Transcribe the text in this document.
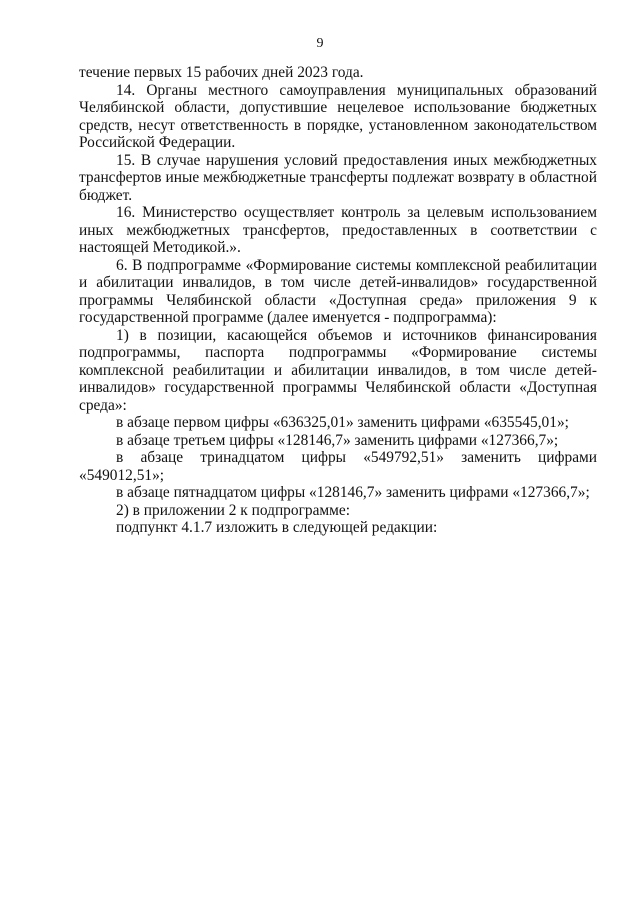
9

течение первых 15 рабочих дней 2023 года.

14. Органы местного самоуправления муниципальных образований Челябинской области, допустившие нецелевое использование бюджетных средств, несут ответственность в порядке, установленном законодательством Российской Федерации.

15. В случае нарушения условий предоставления иных межбюджетных трансфертов иные межбюджетные трансферты подлежат возврату в областной бюджет.

16. Министерство осуществляет контроль за целевым использованием иных межбюджетных трансфертов, предоставленных в соответствии с настоящей Методикой.».

6. В подпрограмме «Формирование системы комплексной реабилитации и абилитации инвалидов, в том числе детей-инвалидов» государственной программы Челябинской области «Доступная среда» приложения 9 к государственной программе (далее именуется - подпрограмма):

1) в позиции, касающейся объемов и источников финансирования подпрограммы, паспорта подпрограммы «Формирование системы комплексной реабилитации и абилитации инвалидов, в том числе детей-инвалидов» государственной программы Челябинской области «Доступная среда»:

в абзаце первом цифры «636325,01» заменить цифрами «635545,01»;

в абзаце третьем цифры «128146,7» заменить цифрами «127366,7»;

в абзаце тринадцатом цифры «549792,51» заменить цифрами «549012,51»;

в абзаце пятнадцатом цифры «128146,7» заменить цифрами «127366,7»;

2) в приложении 2 к подпрограмме:

подпункт 4.1.7 изложить в следующей редакции:
